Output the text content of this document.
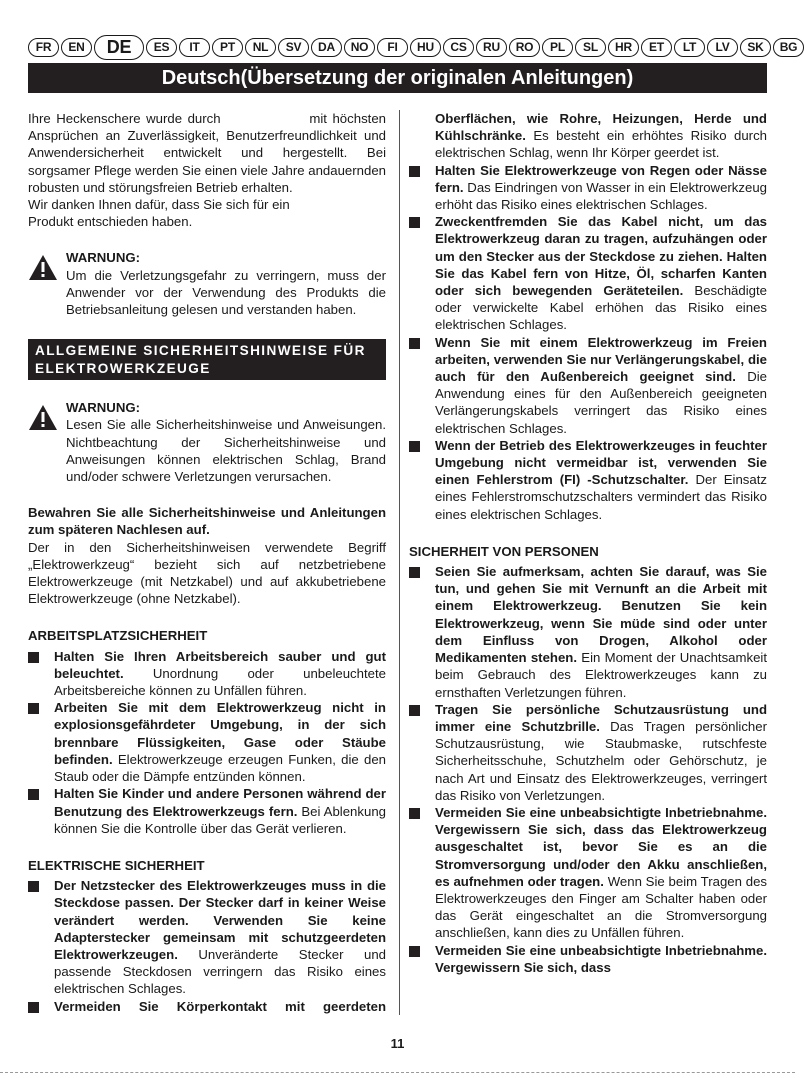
FR	EN	DE	ES	IT	PT	NL	SV	DA	NO	FI	HU	CS	RU	RO	PL	SL	HR	ET	LT	LV	SK	BG
Deutsch(Übersetzung der originalen Anleitungen)

Ihre Heckenschere wurde durch                mit höchsten Ansprüchen an Zuverlässigkeit, Benutzerfreundlichkeit und Anwendersicherheit entwickelt und hergestellt. Bei sorgsamer Pflege werden Sie einen viele Jahre andauernden robusten und störungsfreien Betrieb erhalten.

Wir danken Ihnen dafür, dass Sie sich für ein

Produkt entschieden haben.

WARNUNG:
Um die Verletzungsgefahr zu verringern, muss der Anwender vor der Verwendung des Produkts die Betriebsanleitung gelesen und verstanden haben.
ALLGEMEINE SICHERHEITSHINWEISE FÜR ELEKTROWERKZEUGE
WARNUNG:
Lesen Sie alle Sicherheitshinweise und Anweisungen. Nichtbeachtung der Sicherheitshinweise und Anweisungen können elektrischen Schlag, Brand und/oder schwere Verletzungen verursachen.

Bewahren Sie alle Sicherheitshinweise und Anleitungen zum späteren Nachlesen auf.

Der in den Sicherheitshinweisen verwendete Begriff „Elektrowerkzeug“ bezieht sich auf netzbetriebene Elektrowerkzeuge (mit Netzkabel) und auf akkubetriebene Elektrowerkzeuge (ohne Netzkabel).

ARBEITSPLATZSICHERHEIT
Halten Sie Ihren Arbeitsbereich sauber und gut beleuchtet. Unordnung oder unbeleuchtete Arbeitsbereiche können zu Unfällen führen.
Arbeiten Sie mit dem Elektrowerkzeug nicht in explosionsgefährdeter Umgebung, in der sich brennbare Flüssigkeiten, Gase oder Stäube befinden. Elektrowerkzeuge erzeugen Funken, die den Staub oder die Dämpfe entzünden können.
Halten Sie Kinder und andere Personen während der Benutzung des Elektrowerkzeugs fern. Bei Ablenkung können Sie die Kontrolle über das Gerät verlieren.
ELEKTRISCHE SICHERHEIT
Der Netzstecker des Elektrowerkzeuges muss in die Steckdose passen. Der Stecker darf in keiner Weise verändert werden. Verwenden Sie keine Adapterstecker gemeinsam mit schutzgeerdeten Elektrowerkzeugen. Unveränderte Stecker und passende Steckdosen verringern das Risiko eines elektrischen Schlages.
Vermeiden Sie Körperkontakt mit geerdeten
Oberflächen, wie Rohre, Heizungen, Herde und Kühlschränke. Es besteht ein erhöhtes Risiko durch elektrischen Schlag, wenn Ihr Körper geerdet ist.
Halten Sie Elektrowerkzeuge von Regen oder Nässe fern. Das Eindringen von Wasser in ein Elektrowerkzeug erhöht das Risiko eines elektrischen Schlages.
Zweckentfremden Sie das Kabel nicht, um das Elektrowerkzeug daran zu tragen, aufzuhängen oder um den Stecker aus der Steckdose zu ziehen. Halten Sie das Kabel fern von Hitze, Öl, scharfen Kanten oder sich bewegenden Geräteteilen. Beschädigte oder verwickelte Kabel erhöhen das Risiko eines elektrischen Schlages.
Wenn Sie mit einem Elektrowerkzeug im Freien arbeiten, verwenden Sie nur Verlängerungskabel, die auch für den Außenbereich geeignet sind. Die Anwendung eines für den Außenbereich geeigneten Verlängerungskabels verringert das Risiko eines elektrischen Schlages.
Wenn der Betrieb des Elektrowerkzeuges in feuchter Umgebung nicht vermeidbar ist, verwenden Sie einen Fehlerstrom (FI) -Schutzschalter. Der Einsatz eines Fehlerstromschutzschalters vermindert das Risiko eines elektrischen Schlages.
SICHERHEIT VON PERSONEN
Seien Sie aufmerksam, achten Sie darauf, was Sie tun, und gehen Sie mit Vernunft an die Arbeit mit einem Elektrowerkzeug. Benutzen Sie kein Elektrowerkzeug, wenn Sie müde sind oder unter dem Einfluss von Drogen, Alkohol oder Medikamenten stehen. Ein Moment der Unachtsamkeit beim Gebrauch des Elektrowerkzeuges kann zu ernsthaften Verletzungen führen.
Tragen Sie persönliche Schutzausrüstung und immer eine Schutzbrille. Das Tragen persönlicher Schutzausrüstung, wie Staubmaske, rutschfeste Sicherheitsschuhe, Schutzhelm oder Gehörschutz, je nach Art und Einsatz des Elektrowerkzeuges, verringert das Risiko von Verletzungen.
Vermeiden Sie eine unbeabsichtigte Inbetriebnahme. Vergewissern Sie sich, dass das Elektrowerkzeug ausgeschaltet ist, bevor Sie es an die Stromversorgung und/oder den Akku anschließen, es aufnehmen oder tragen. Wenn Sie beim Tragen des Elektrowerkzeuges den Finger am Schalter haben oder das Gerät eingeschaltet an die Stromversorgung anschließen, kann dies zu Unfällen führen.
Vermeiden Sie eine unbeabsichtigte Inbetriebnahme. Vergewissern Sie sich, dass
11
